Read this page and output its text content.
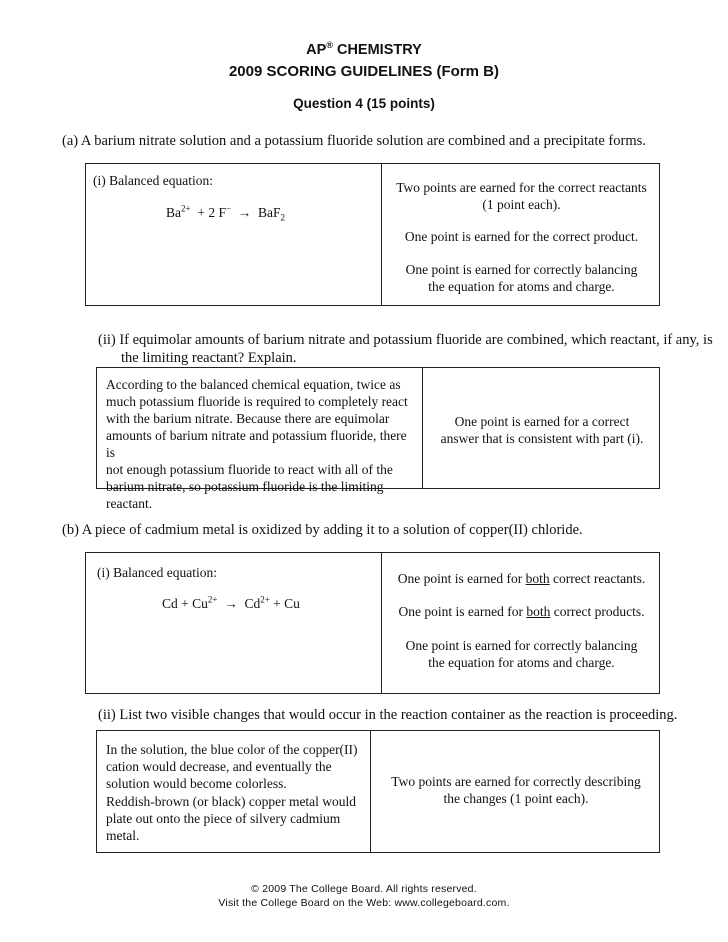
AP® CHEMISTRY
2009 SCORING GUIDELINES (Form B)
Question 4 (15 points)
(a) A barium nitrate solution and a potassium fluoride solution are combined and a precipitate forms.
(i) Balanced equation:
$Ba^{2+} + 2$ F− → BaF$_2$
Two points are earned for the correct reactants
(1 point each).
One point is earned for the correct product.
One point is earned for correctly balancing
the equation for atoms and charge.
(ii) If equimolar amounts of barium nitrate and potassium fluoride are combined, which reactant, if any, is
the limiting reactant? Explain.
According to the balanced chemical equation, twice as
much potassium fluoride is required to completely react
with the barium nitrate. Because there are equimolar
amounts of barium nitrate and potassium fluoride, there is
not enough potassium fluoride to react with all of the
barium nitrate, so potassium fluoride is the limiting
reactant.
One point is earned for a correct
answer that is consistent with part (i).
(b) A piece of cadmium metal is oxidized by adding it to a solution of copper(II) chloride.
(i) Balanced equation:
$Cd + Cu^{2+} \to Cd^{2+} + Cu$
One point is earned for both correct reactants.
One point is earned for both correct products.
One point is earned for correctly balancing
the equation for atoms and charge.
(ii) List two visible changes that would occur in the reaction container as the reaction is proceeding.
In the solution, the blue color of the copper(II)
cation would decrease, and eventually the
solution would become colorless.
Reddish-brown (or black) copper metal would
plate out onto the piece of silvery cadmium
metal.
Two points are earned for correctly describing
the changes (1 point each).
© 2009 The College Board. All rights reserved.
Visit the College Board on the Web: www.collegeboard.com.
